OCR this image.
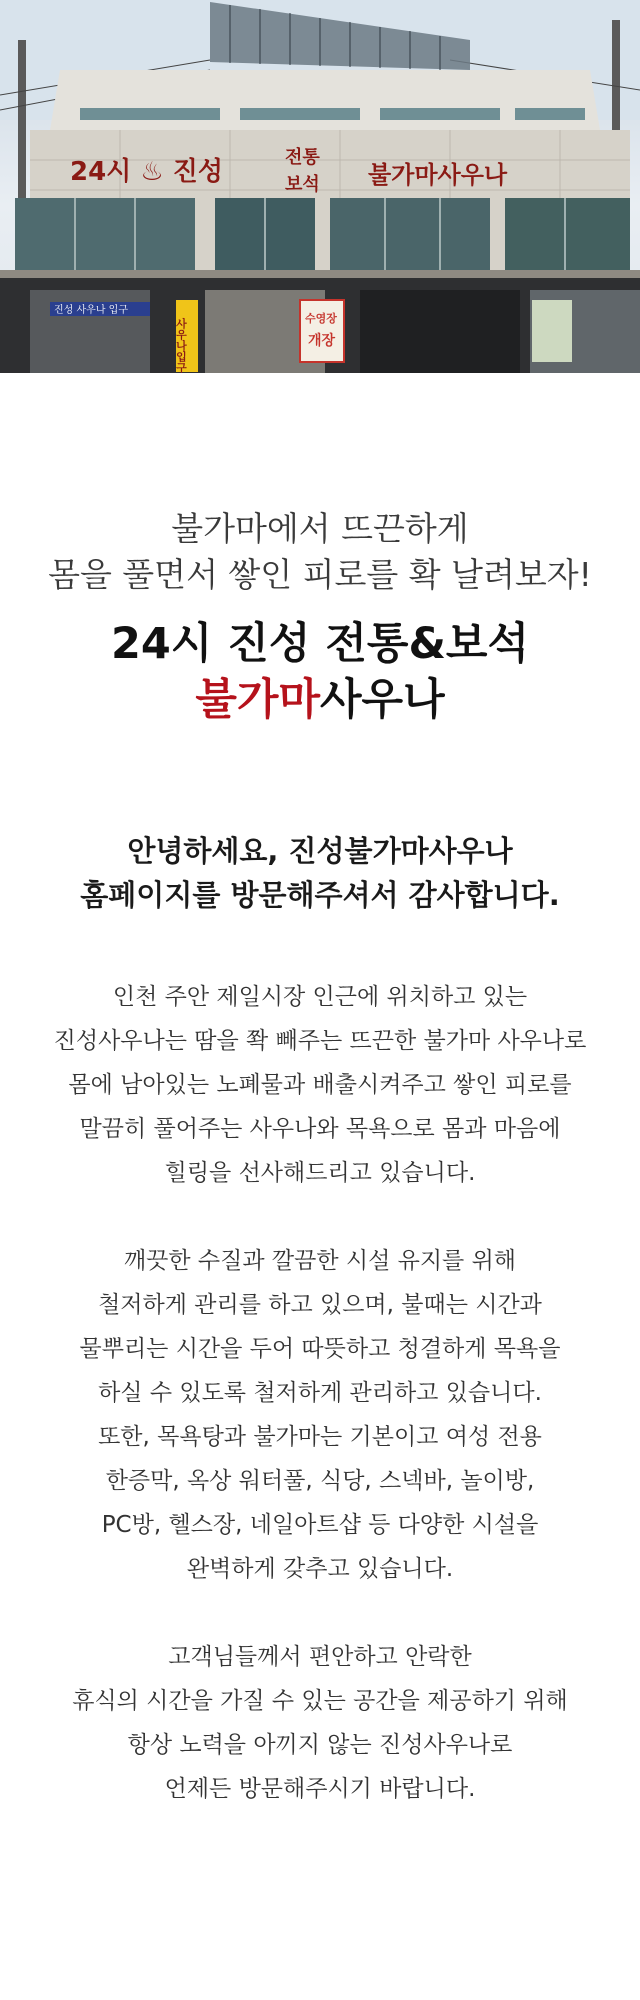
24시 ♨ 진성	전통
보석 불가마사우나
진성 사우나 입구
사우나입구	수영장
개장
불가마에서 뜨끈하게
몸을 풀면서 쌓인 피로를 확 날려보자!
24시 진성 전통&보석
불가마사우나
안녕하세요, 진성불가마사우나
홈페이지를 방문해주셔서 감사합니다.
인천 주안 제일시장 인근에 위치하고 있는
진성사우나는 땀을 쫙 빼주는 뜨끈한 불가마 사우나로
몸에 남아있는 노폐물과 배출시켜주고 쌓인 피로를
말끔히 풀어주는 사우나와 목욕으로 몸과 마음에
힐링을 선사해드리고 있습니다.
깨끗한 수질과 깔끔한 시설 유지를 위해
철저하게 관리를 하고 있으며, 불때는 시간과
물뿌리는 시간을 두어 따뜻하고 청결하게 목욕을
하실 수 있도록 철저하게 관리하고 있습니다.
또한, 목욕탕과 불가마는 기본이고 여성 전용
한증막, 옥상 워터풀, 식당, 스넥바, 놀이방,
PC방, 헬스장, 네일아트샵 등 다양한 시설을
완벽하게 갖추고 있습니다.
고객님들께서 편안하고 안락한
휴식의 시간을 가질 수 있는 공간을 제공하기 위해
항상 노력을 아끼지 않는 진성사우나로
언제든 방문해주시기 바랍니다.
